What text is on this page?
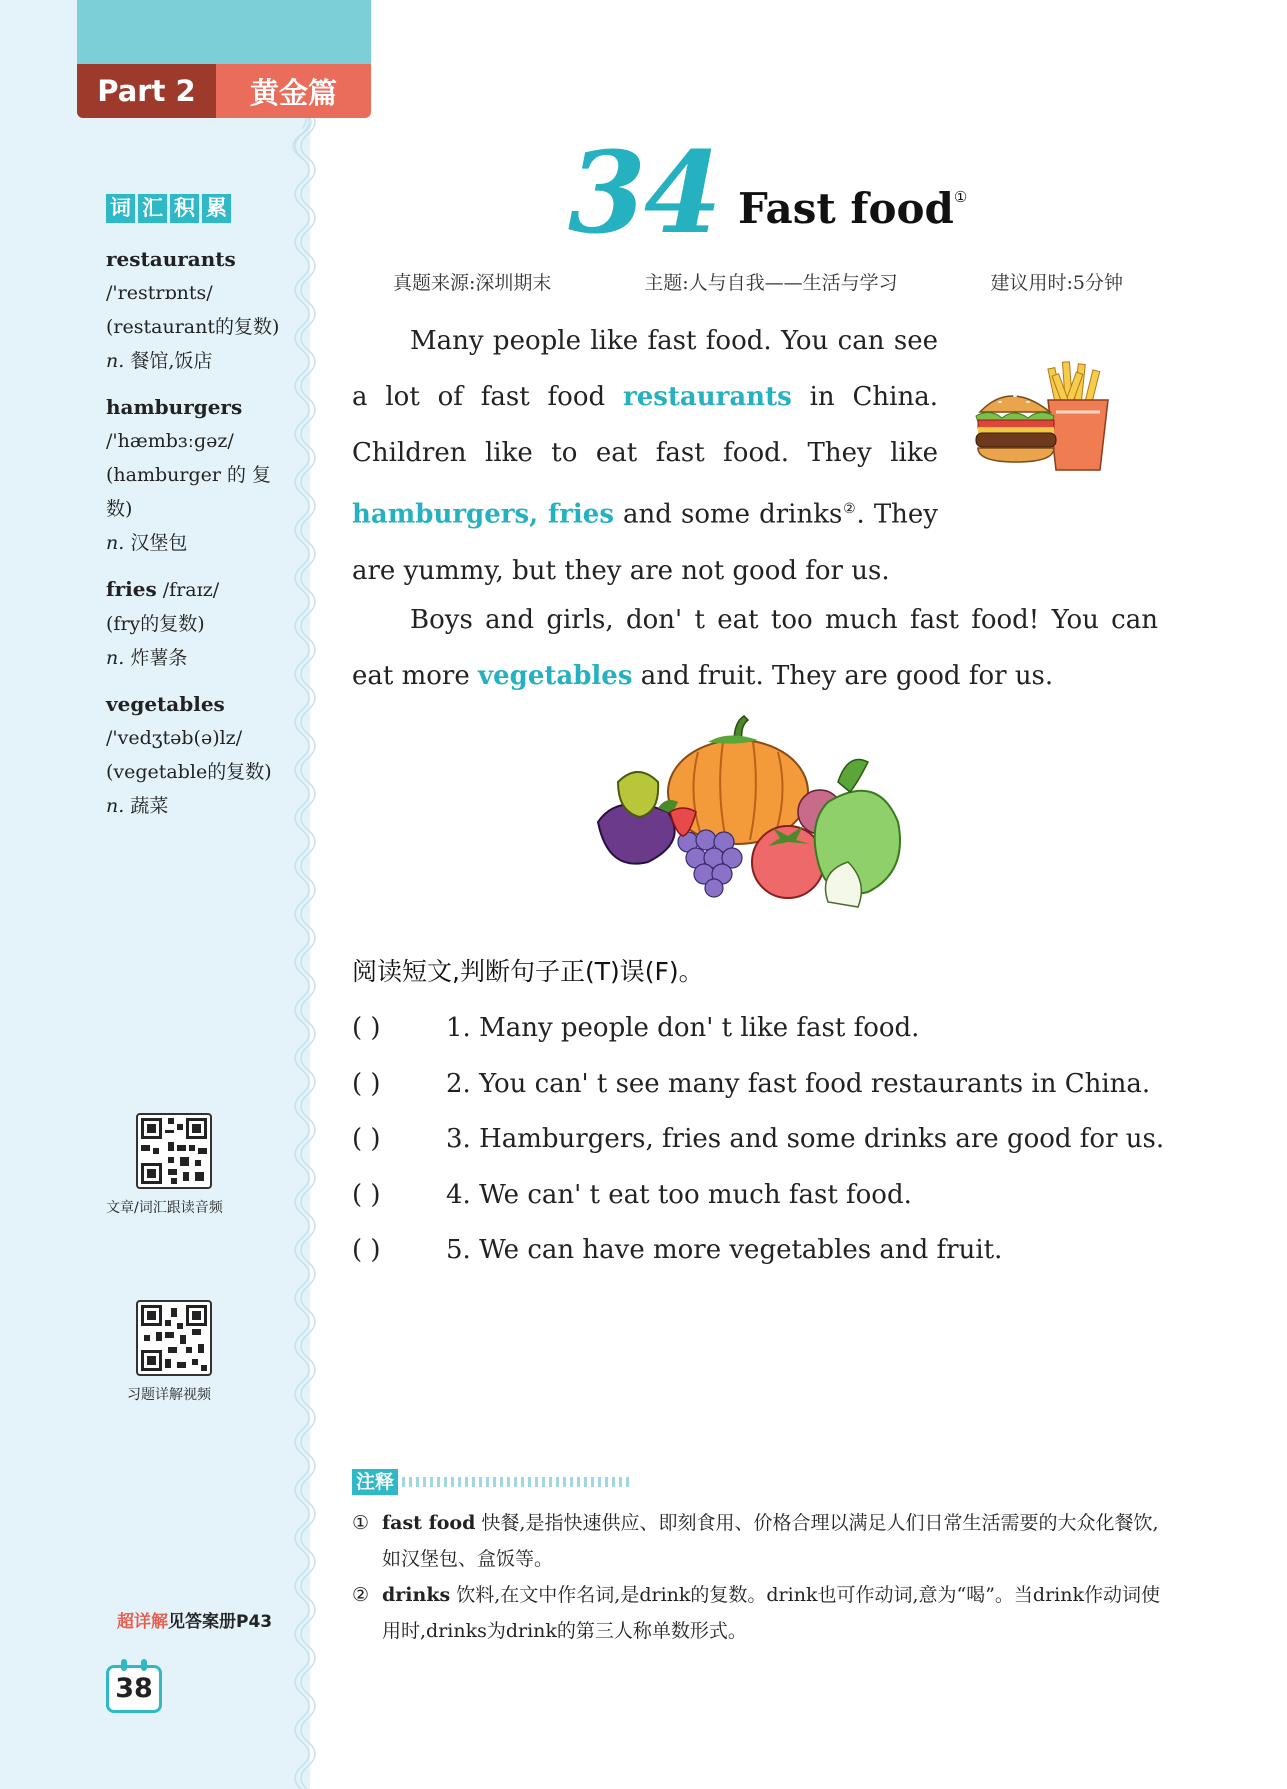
Part 2	黄金篇
词 汇 积 累
restaurants
/'restrɒnts/
(restaurant的复数)
n. 餐馆,饭店
hamburgers
/'hæmbɜːɡəz/
(hamburger 的 复数)
n. 汉堡包
fries /fraɪz/
(fry的复数)
n. 炸薯条
vegetables
/'vedʒtəb(ə)lz/
(vegetable的复数)
n. 蔬菜
文章/词汇跟读音频
习题详解视频
超详解见答案册P43
38
34 Fast food①
真题来源:深圳期末	主题:人与自我——生活与学习	建议用时:5分钟
Many people like fast food. You can see a lot of fast food restaurants in China. Children like to eat fast food. They like hamburgers, fries and some drinks②. They are yummy, but they are not good for us.
Boys and girls, don' t eat too much fast food! You can eat more vegetables and fruit. They are good for us.
阅读短文,判断句子正(T)误(F)。
( )	1. Many people don' t like fast food.
( )	2. You can' t see many fast food restaurants in China.
( )	3. Hamburgers, fries and some drinks are good for us.
( )	4. We can' t eat too much fast food.
( )	5. We can have more vegetables and fruit.
注释
① fast food 快餐,是指快速供应、即刻食用、价格合理以满足人们日常生活需要的大众化餐饮,如汉堡包、盒饭等。
② drinks 饮料,在文中作名词,是drink的复数。drink也可作动词,意为“喝”。当drink作动词使用时,drinks为drink的第三人称单数形式。
